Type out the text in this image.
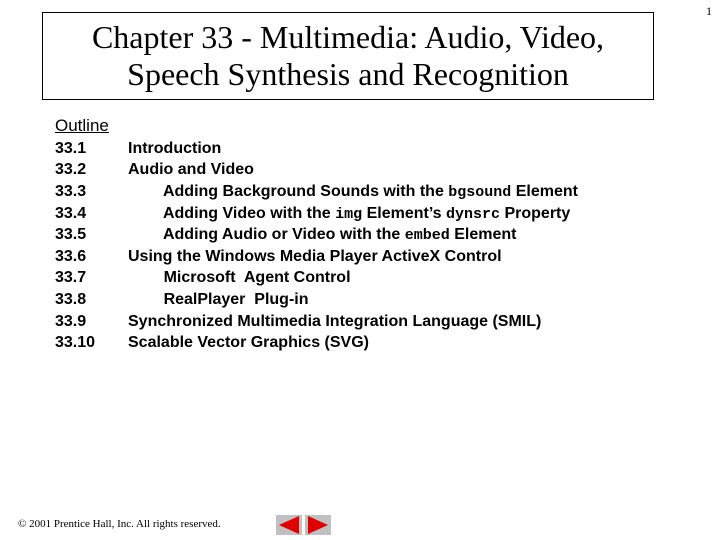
1
Chapter 33 - Multimedia: Audio, Video,
Speech Synthesis and Recognition
Outline
33.1	Introduction
33.2	Audio and Video
33.3	Adding Background Sounds with the bgsound Element

33.4	Adding Video with the img Element’s dynsrc Property

33.5	Adding Audio or Video with the embed Element

33.6	Using the Windows Media Player ActiveX Control
33.7	Microsoft  Agent Control

33.8	RealPlayer  Plug-in

33.9	Synchronized Multimedia Integration Language (SMIL)
33.10	Scalable Vector Graphics (SVG)
© 2001 Prentice Hall, Inc. All rights reserved.
